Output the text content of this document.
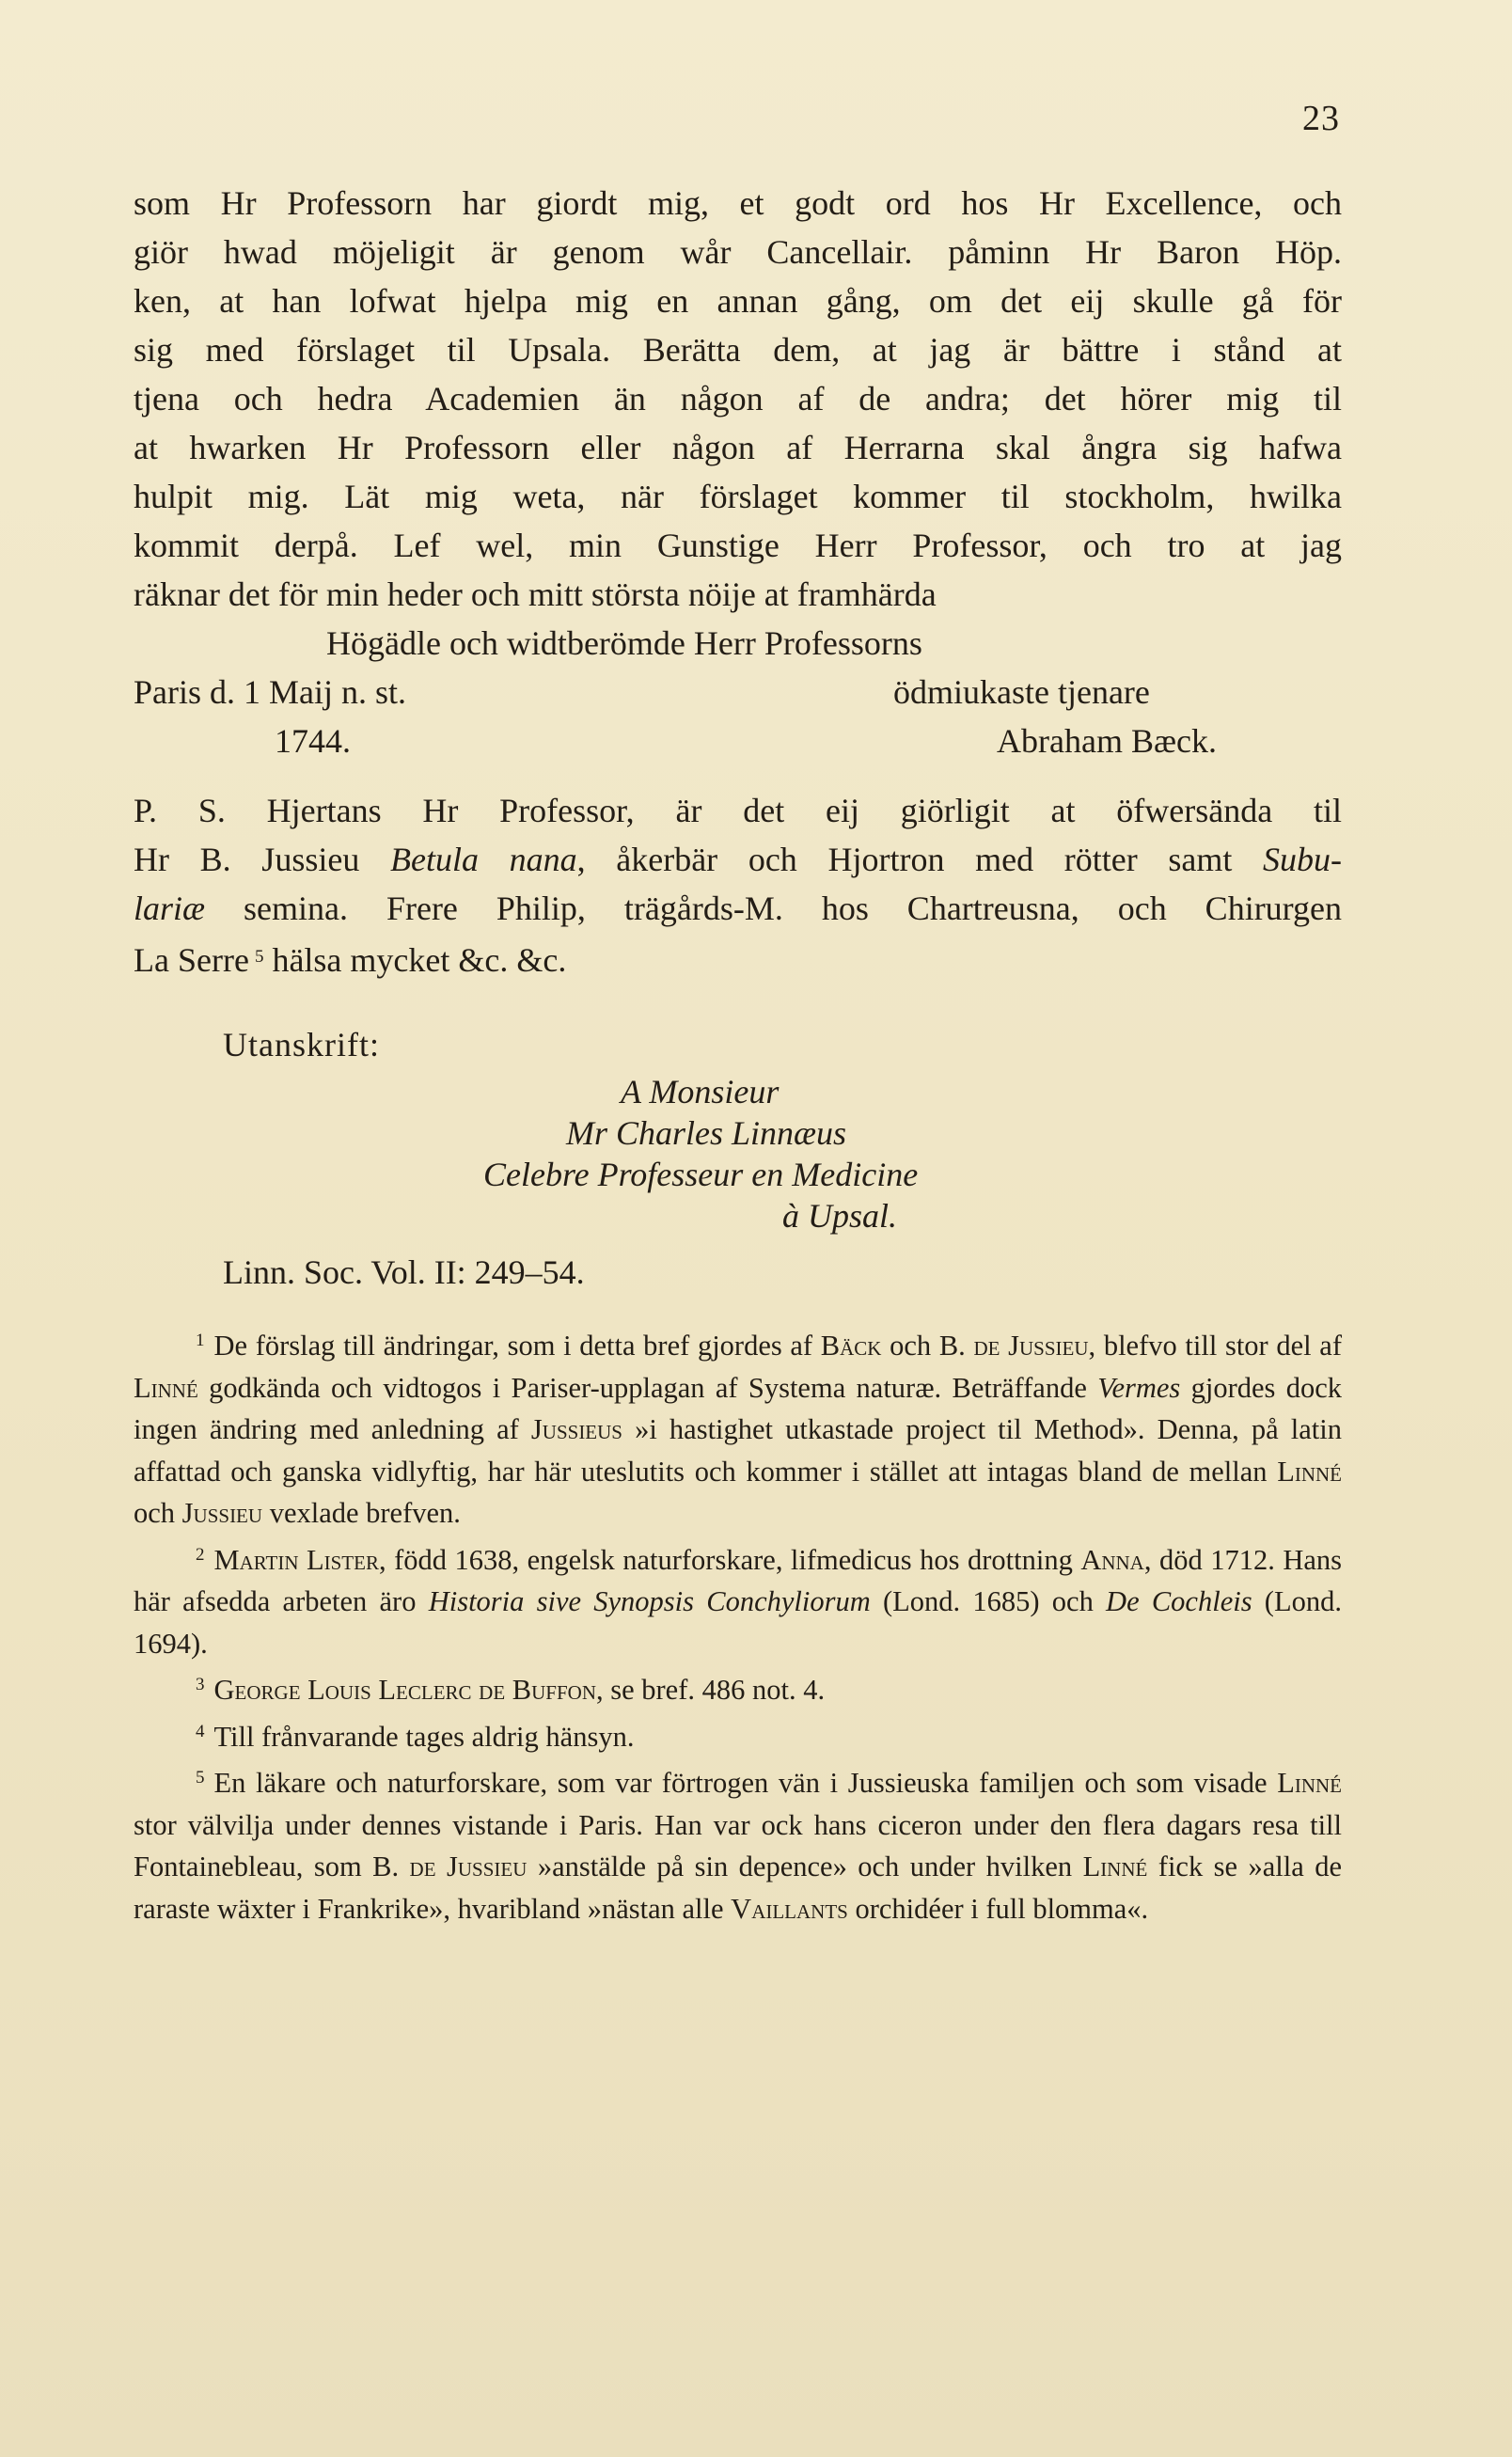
23
som Hr Professorn har giordt mig, et godt ord hos Hr Excellence, och
giör hwad möjeligit är genom wår Cancellair. påminn Hr Baron Höp.
ken, at han lofwat hjelpa mig en annan gång, om det eij skulle gå för
sig med förslaget til Upsala. Berätta dem, at jag är bättre i stånd at
tjena och hedra Academien än någon af de andra; det hörer mig til
at hwarken Hr Professorn eller någon af Herrarna skal ångra sig hafwa
hulpit mig. Lät mig weta, när förslaget kommer til stockholm, hwilka
kommit derpå. Lef wel, min Gunstige Herr Professor, och tro at jag
räknar det för min heder och mitt största nöije at framhärda
Högädle och widtberömde Herr Professorns
Paris d. 1 Maij n. st.	ödmiukaste tjenare
1744.	Abraham Bæck.
P. S. Hjertans Hr Professor, är det eij giörligit at öfwersända til
Hr B. Jussieu Betula nana, åkerbär och Hjortron med rötter samt Subu-
lariæ semina. Frere Philip, trägårds-M. hos Chartreusna, och Chirurgen
La Serre $^5$ hälsa mycket &c. &c.
Utanskrift:
A Monsieur
Mr Charles Linnæus
Celebre Professeur en Medicine
à Upsal.
Linn. Soc. Vol. II: 249–54.
$^1$ De förslag till ändringar, som i detta bref gjordes af Bäck och B. de Jussieu, blefvo till stor del af Linné godkända och vidtogos i Pariser-upplagan af Systema naturæ. Beträffande Vermes gjordes dock ingen ändring med anledning af Jussieus »i hastighet utkastade project til Method». Denna, på latin affattad och ganska vidlyftig, har här uteslutits och kommer i stället att intagas bland de mellan Linné och Jussieu vexlade brefven.
$^2$ Martin Lister, född 1638, engelsk naturforskare, lifmedicus hos drottning Anna, död 1712. Hans här afsedda arbeten äro Historia sive Synopsis Conchyliorum (Lond. 1685) och De Cochleis (Lond. 1694).
$^3$ George Louis Leclerc de Buffon, se bref. 486 not. 4.
$^4$ Till frånvarande tages aldrig hänsyn.
$^5$ En läkare och naturforskare, som var förtrogen vän i Jussieuska familjen och som visade Linné stor välvilja under dennes vistande i Paris. Han var ock hans ciceron under den flera dagars resa till Fontainebleau, som B. de Jussieu »anstälde på sin depence» och under hvilken Linné fick se »alla de raraste wäxter i Frankrike», hvaribland »nästan alle Vaillants orchidéer i full blomma«.
